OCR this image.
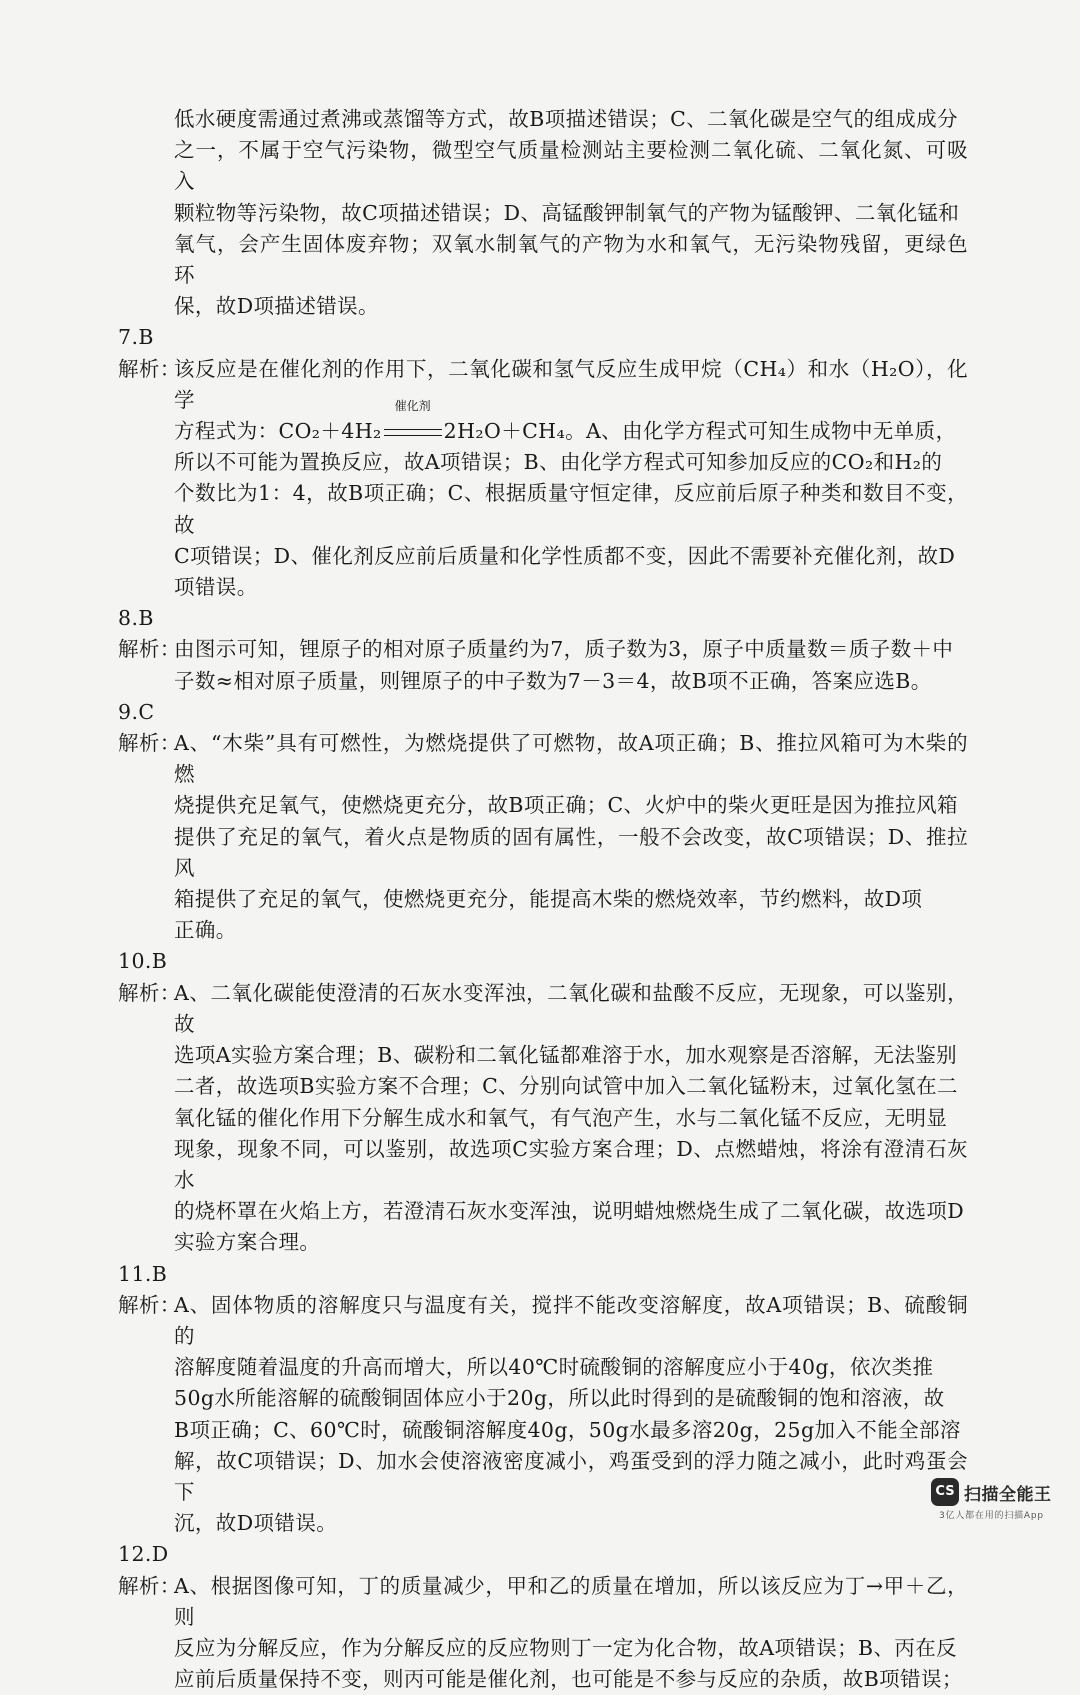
低水硬度需通过煮沸或蒸馏等方式，故B项描述错误；C、二氧化碳是空气的组成成分

之一，不属于空气污染物，微型空气质量检测站主要检测二氧化硫、二氧化氮、可吸入

颗粒物等污染物，故C项描述错误；D、高锰酸钾制氧气的产物为锰酸钾、二氧化锰和

氧气，会产生固体废弃物；双氧水制氧气的产物为水和氧气，无污染物残留，更绿色环

保，故D项描述错误。

7.B

解析：
该反应是在催化剂的作用下，二氧化碳和氢气反应生成甲烷（CH₄）和水（H₂O），化学
方程式为：CO₂＋4H₂
催化剂
2H₂O＋CH₄。A、由化学方程式可知生成物中无单质，
所以不可能为置换反应，故A项错误；B、由化学方程式可知参加反应的CO₂和H₂的
个数比为1：4，故B项正确；C、根据质量守恒定律，反应前后原子种类和数目不变，故
C项错误；D、催化剂反应前后质量和化学性质都不变，因此不需要补充催化剂，故D
项错误。

8.B

解析：
由图示可知，锂原子的相对原子质量约为7，质子数为3，原子中质量数＝质子数＋中
子数≈相对原子质量，则锂原子的中子数为7－3＝4，故B项不正确，答案应选B。

9.C

解析：
A、“木柴”具有可燃性，为燃烧提供了可燃物，故A项正确；B、推拉风箱可为木柴的燃
烧提供充足氧气，使燃烧更充分，故B项正确；C、火炉中的柴火更旺是因为推拉风箱
提供了充足的氧气，着火点是物质的固有属性，一般不会改变，故C项错误；D、推拉风
箱提供了充足的氧气，使燃烧更充分，能提高木柴的燃烧效率，节约燃料，故D项
正确。

10.B

解析：
A、二氧化碳能使澄清的石灰水变浑浊，二氧化碳和盐酸不反应，无现象，可以鉴别，故
选项A实验方案合理；B、碳粉和二氧化锰都难溶于水，加水观察是否溶解，无法鉴别
二者，故选项B实验方案不合理；C、分别向试管中加入二氧化锰粉末，过氧化氢在二
氧化锰的催化作用下分解生成水和氧气，有气泡产生，水与二氧化锰不反应，无明显
现象，现象不同，可以鉴别，故选项C实验方案合理；D、点燃蜡烛，将涂有澄清石灰水
的烧杯罩在火焰上方，若澄清石灰水变浑浊，说明蜡烛燃烧生成了二氧化碳，故选项D
实验方案合理。

11.B

解析：
A、固体物质的溶解度只与温度有关，搅拌不能改变溶解度，故A项错误；B、硫酸铜的
溶解度随着温度的升高而增大，所以40℃时硫酸铜的溶解度应小于40g，依次类推
50g水所能溶解的硫酸铜固体应小于20g，所以此时得到的是硫酸铜的饱和溶液，故
B项正确；C、60℃时，硫酸铜溶解度40g，50g水最多溶20g，25g加入不能全部溶
解，故C项错误；D、加水会使溶液密度减小，鸡蛋受到的浮力随之减小，此时鸡蛋会下
沉，故D项错误。

12.D

解析：
A、根据图像可知，丁的质量减少，甲和乙的质量在增加，所以该反应为丁→甲＋乙，则
反应为分解反应，作为分解反应的反应物则丁一定为化合物，故A项错误；B、丙在反
应前后质量保持不变，则丙可能是催化剂，也可能是不参与反应的杂质，故B项错误；
CS 扫描全能王
3亿人都在用的扫描App
